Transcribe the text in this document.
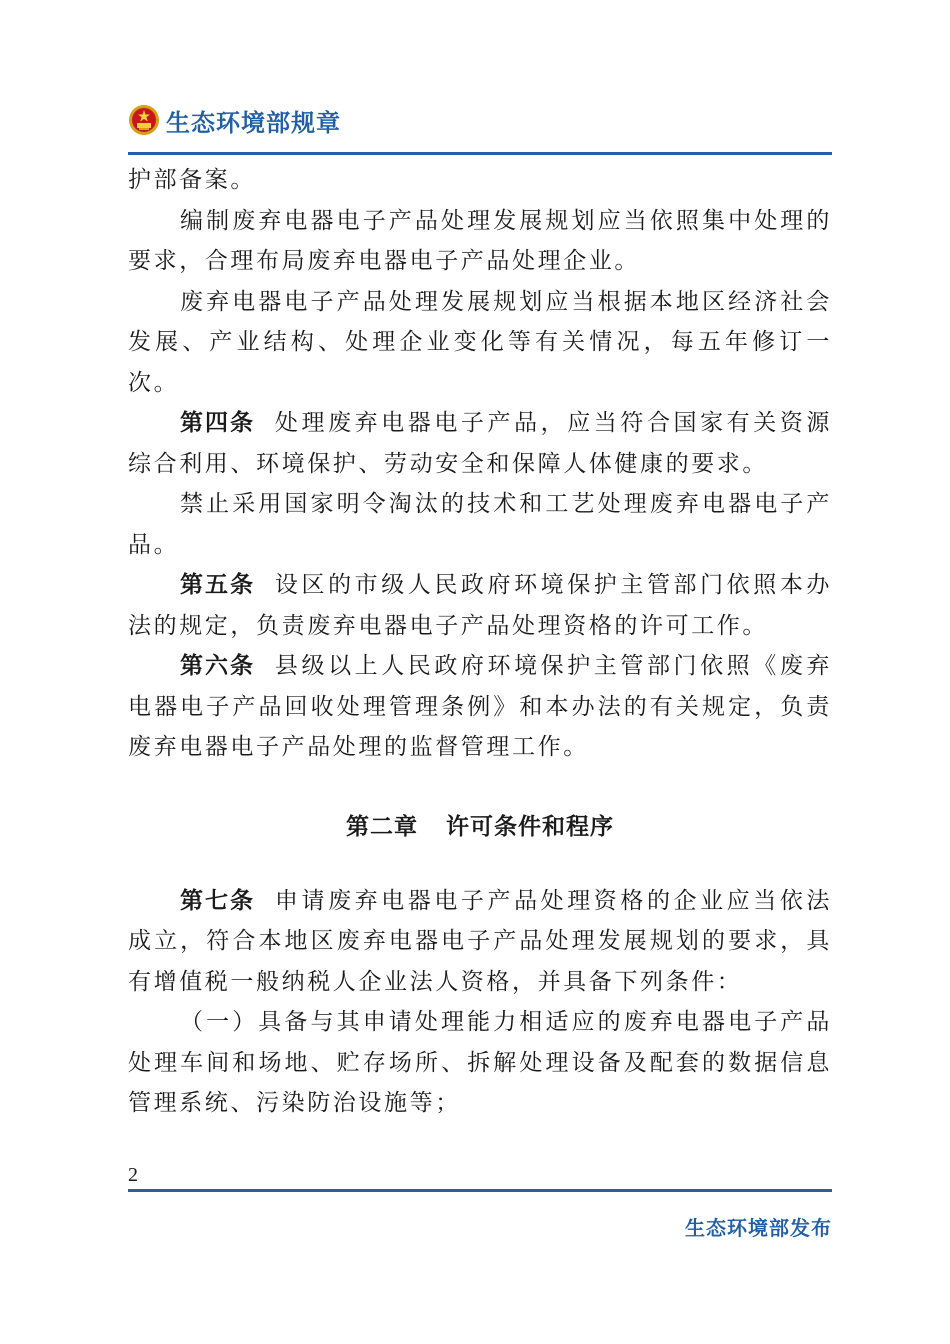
生态环境部规章

护部备案。

编制废弃电器电子产品处理发展规划应当依照集中处理的要求，合理布局废弃电器电子产品处理企业。

废弃电器电子产品处理发展规划应当根据本地区经济社会发展、产业结构、处理企业变化等有关情况，每五年修订一次。

第四条 处理废弃电器电子产品，应当符合国家有关资源综合利用、环境保护、劳动安全和保障人体健康的要求。

禁止采用国家明令淘汰的技术和工艺处理废弃电器电子产品。

第五条 设区的市级人民政府环境保护主管部门依照本办法的规定，负责废弃电器电子产品处理资格的许可工作。

第六条 县级以上人民政府环境保护主管部门依照《废弃电器电子产品回收处理管理条例》和本办法的有关规定，负责废弃电器电子产品处理的监督管理工作。

第二章 许可条件和程序

第七条 申请废弃电器电子产品处理资格的企业应当依法成立，符合本地区废弃电器电子产品处理发展规划的要求，具有增值税一般纳税人企业法人资格，并具备下列条件：

（一）具备与其申请处理能力相适应的废弃电器电子产品处理车间和场地、贮存场所、拆解处理设备及配套的数据信息管理系统、污染防治设施等；

2
生态环境部发布
